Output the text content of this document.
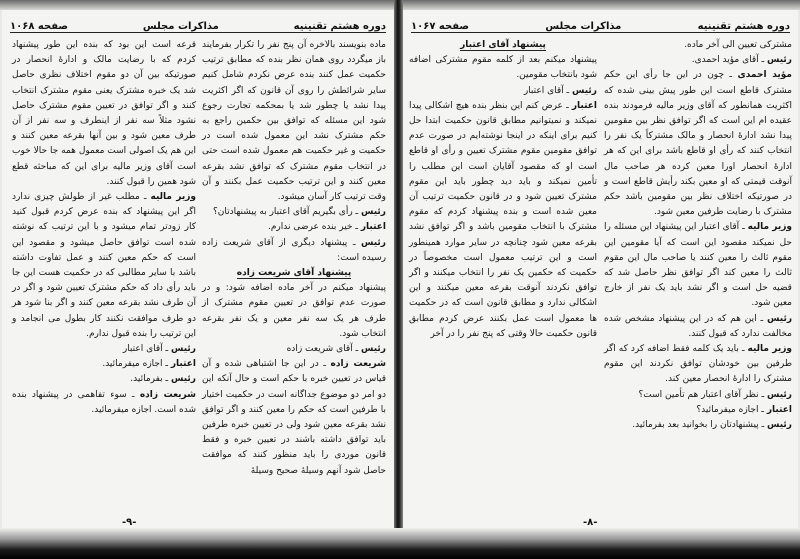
دوره هشتم تقنینیه
مذاکرات مجلس
صفحه ۱۰۶۸

ماده بنویسند بالاخره آن پنج نفر را تکرار بفرمایند باز میگردد روی همان نظر بنده که مطابق ترتیب حکمیت عمل کنند بنده عرض نکردم شامل کنیم سایر شرائطش را روی آن قانون که اگر اکثریت پیدا نشد یا چطور شد یا بمحکمه تجارت رجوع شود این مسئله که توافق بین حکمین راجع به حکم مشترک نشد این معمول شده است در حکمیت و غیر حکمیت هم معمول شده است حتی در انتخاب مقوم مشترک که توافق نشد بقرعه معین کنند و این ترتیب حکمیت عمل بکنند و آن وقت ترتیب کار آسان میشود.

رئیس ـ رأی بگیریم آقای اعتبار به پیشنهادتان؟

اعتبار ـ خیر بنده عرضی ندارم.

رئیس ـ پیشنهاد دیگری از آقای شریعت زاده رسیده است:

پیشنهاد آقای شریعت زاده

پیشنهاد میکنم در آخر ماده اضافه شود: و در صورت عدم توافق در تعیین مقوم مشترک از طرف هر یک سه نفر معین و یک نفر بقرعه انتخاب شود.

رئیس ـ آقای شریعت زاده

شریعت زاده ـ در این جا اشتباهی شده و آن قیاس در تعیین خبره با حکم است و حال آنکه این دو امر دو موضوع جداگانه است در حکمیت اختیار با طرفین است که حکم را معین کنند و اگر توافق نشد بقرعه معین شود ولی در تعیین خبره طرفین باید توافق داشته باشند در تعیین خبره و فقط قانون موردی را باید منظور کنند که موافقت حاصل شود آنهم وسیلهٔ صحیح وسیلهٔ

قرعه است این بود که بنده این طور پیشنهاد کردم که با رضایت مالک و ادارهٔ انحصار در صورتیکه بین آن دو مقوم اختلاف نظری حاصل شد یک خبره مشترک یعنی مقوم مشترک انتخاب کنند و اگر توافق در تعیین مقوم مشترک حاصل نشود مثلاً سه نفر از اینطرف و سه نفر از آن طرف معین شود و بین آنها بقرعه معین کنند و این هم یک اصولی است معمول همه جا حالا خوب است آقای وزیر مالیه برای این که مباحثه قطع شود همین را قبول کنند.

وزیر مالیه ـ مطلب غیر از طولش چیزی ندارد اگر این پیشنهاد که بنده عرض کردم قبول کنید کار زودتر تمام میشود و با این ترتیب که نوشته شده است توافق حاصل میشود و مقصود این است که حکم معین کنند و عمل تفاوت داشته باشد با سایر مطالبی که در حکمیت هست این جا باید رأی داد که حکم مشترک تعیین شود و اگر در آن طرف نشد بقرعه معین کنند و اگر بنا شود هر دو طرف موافقت نکنند کار بطول می انجامد و این ترتیب را بنده قبول ندارم.

رئیس ـ آقای اعتبار

اعتبار ـ اجازه میفرمائید.

رئیس ـ بفرمائید.

شریعت زاده ـ سوء تفاهمی در پیشنهاد بنده شده است. اجازه میفرمائید.

-۹-
دوره هشتم تقنینیه
مذاکرات مجلس
صفحه ۱۰۶۷

مشترکی تعیین الی آخر ماده.

رئیس ـ آقای مؤید احمدی.

مؤید احمدی ـ چون در این جا رأی این حکم مشترک قاطع است این طور پیش بینی شده که اکثریت همانطور که آقای وزیر مالیه فرمودند بنده عقیده ام این است که اگر توافق نظر بین مقومین پیدا نشد ادارهٔ انحصار و مالک مشترکاً یک نفر را انتخاب کنند که رأی او قاطع باشد برای این که هر ادارهٔ انحصار اورا معین کرده هر صاحب مال آنوقت قیمتی که او معین بکند رأیش قاطع است و در صورتیکه اختلاف نظر بین مقومین باشد حکم مشترک با رضایت طرفین معین شود.

وزیر مالیه ـ آقای اعتبار این پیشنهاد این مسئله را حل نمیکند مقصود این است که آیا مقومین این مقوم ثالث را معین کنند یا صاحب مال این مقوم ثالث را معین کند اگر توافق نظر حاصل شد که قضیه حل است و اگر نشد باید یک نفر از خارج معین شود.

رئیس ـ این هم که در این پیشنهاد مشخص شده مخالفت ندارد که قبول کنند.

وزیر مالیه ـ باید یک کلمه فقط اضافه کرد که اگر طرفین بین خودشان توافق نکردند این مقوم مشترک را ادارهٔ انحصار معین کند.

رئیس ـ نظر آقای اعتبار هم تأمین است؟

اعتبار ـ اجازه میفرمائید؟

رئیس ـ پیشنهادتان را بخوانید بعد بفرمائید.

پیشنهاد آقای اعتبار

پیشنهاد میکنم بعد از کلمه مقوم مشترکی اضافه شود بانتخاب مقومین.

رئیس ـ آقای اعتبار

اعتبار ـ عرض کنم این بنظر بنده هیچ اشکالی پیدا نمیکند و نمیتوانیم مطابق قانون حکمیت ابتدا حل کنیم برای اینکه در اینجا نوشته‌ایم در صورت عدم توافق مقومین مقوم مشترک تعیین و رأی او قاطع است او که مقصود آقایان است این مطلب را تأمین نمیکند و باید دید چطور باید این مقوم مشترک تعیین شود و در قانون حکمیت ترتیب آن معین شده است و بنده پیشنهاد کردم که مقوم مشترک با انتخاب مقومین باشد و اگر توافق نشد بقرعه معین شود چنانچه در سایر موارد همینطور است و این ترتیب معمول است مخصوصاً در حکمیت که حکمین یک نفر را انتخاب میکنند و اگر توافق نکردند آنوقت بقرعه معین میکنند و این اشکالی ندارد و مطابق قانون است که در حکمیت ها معمول است عمل بکنند عرض کردم مطابق قانون حکمیت حالا وقتی که پنج نفر را در آخر

-۸-
